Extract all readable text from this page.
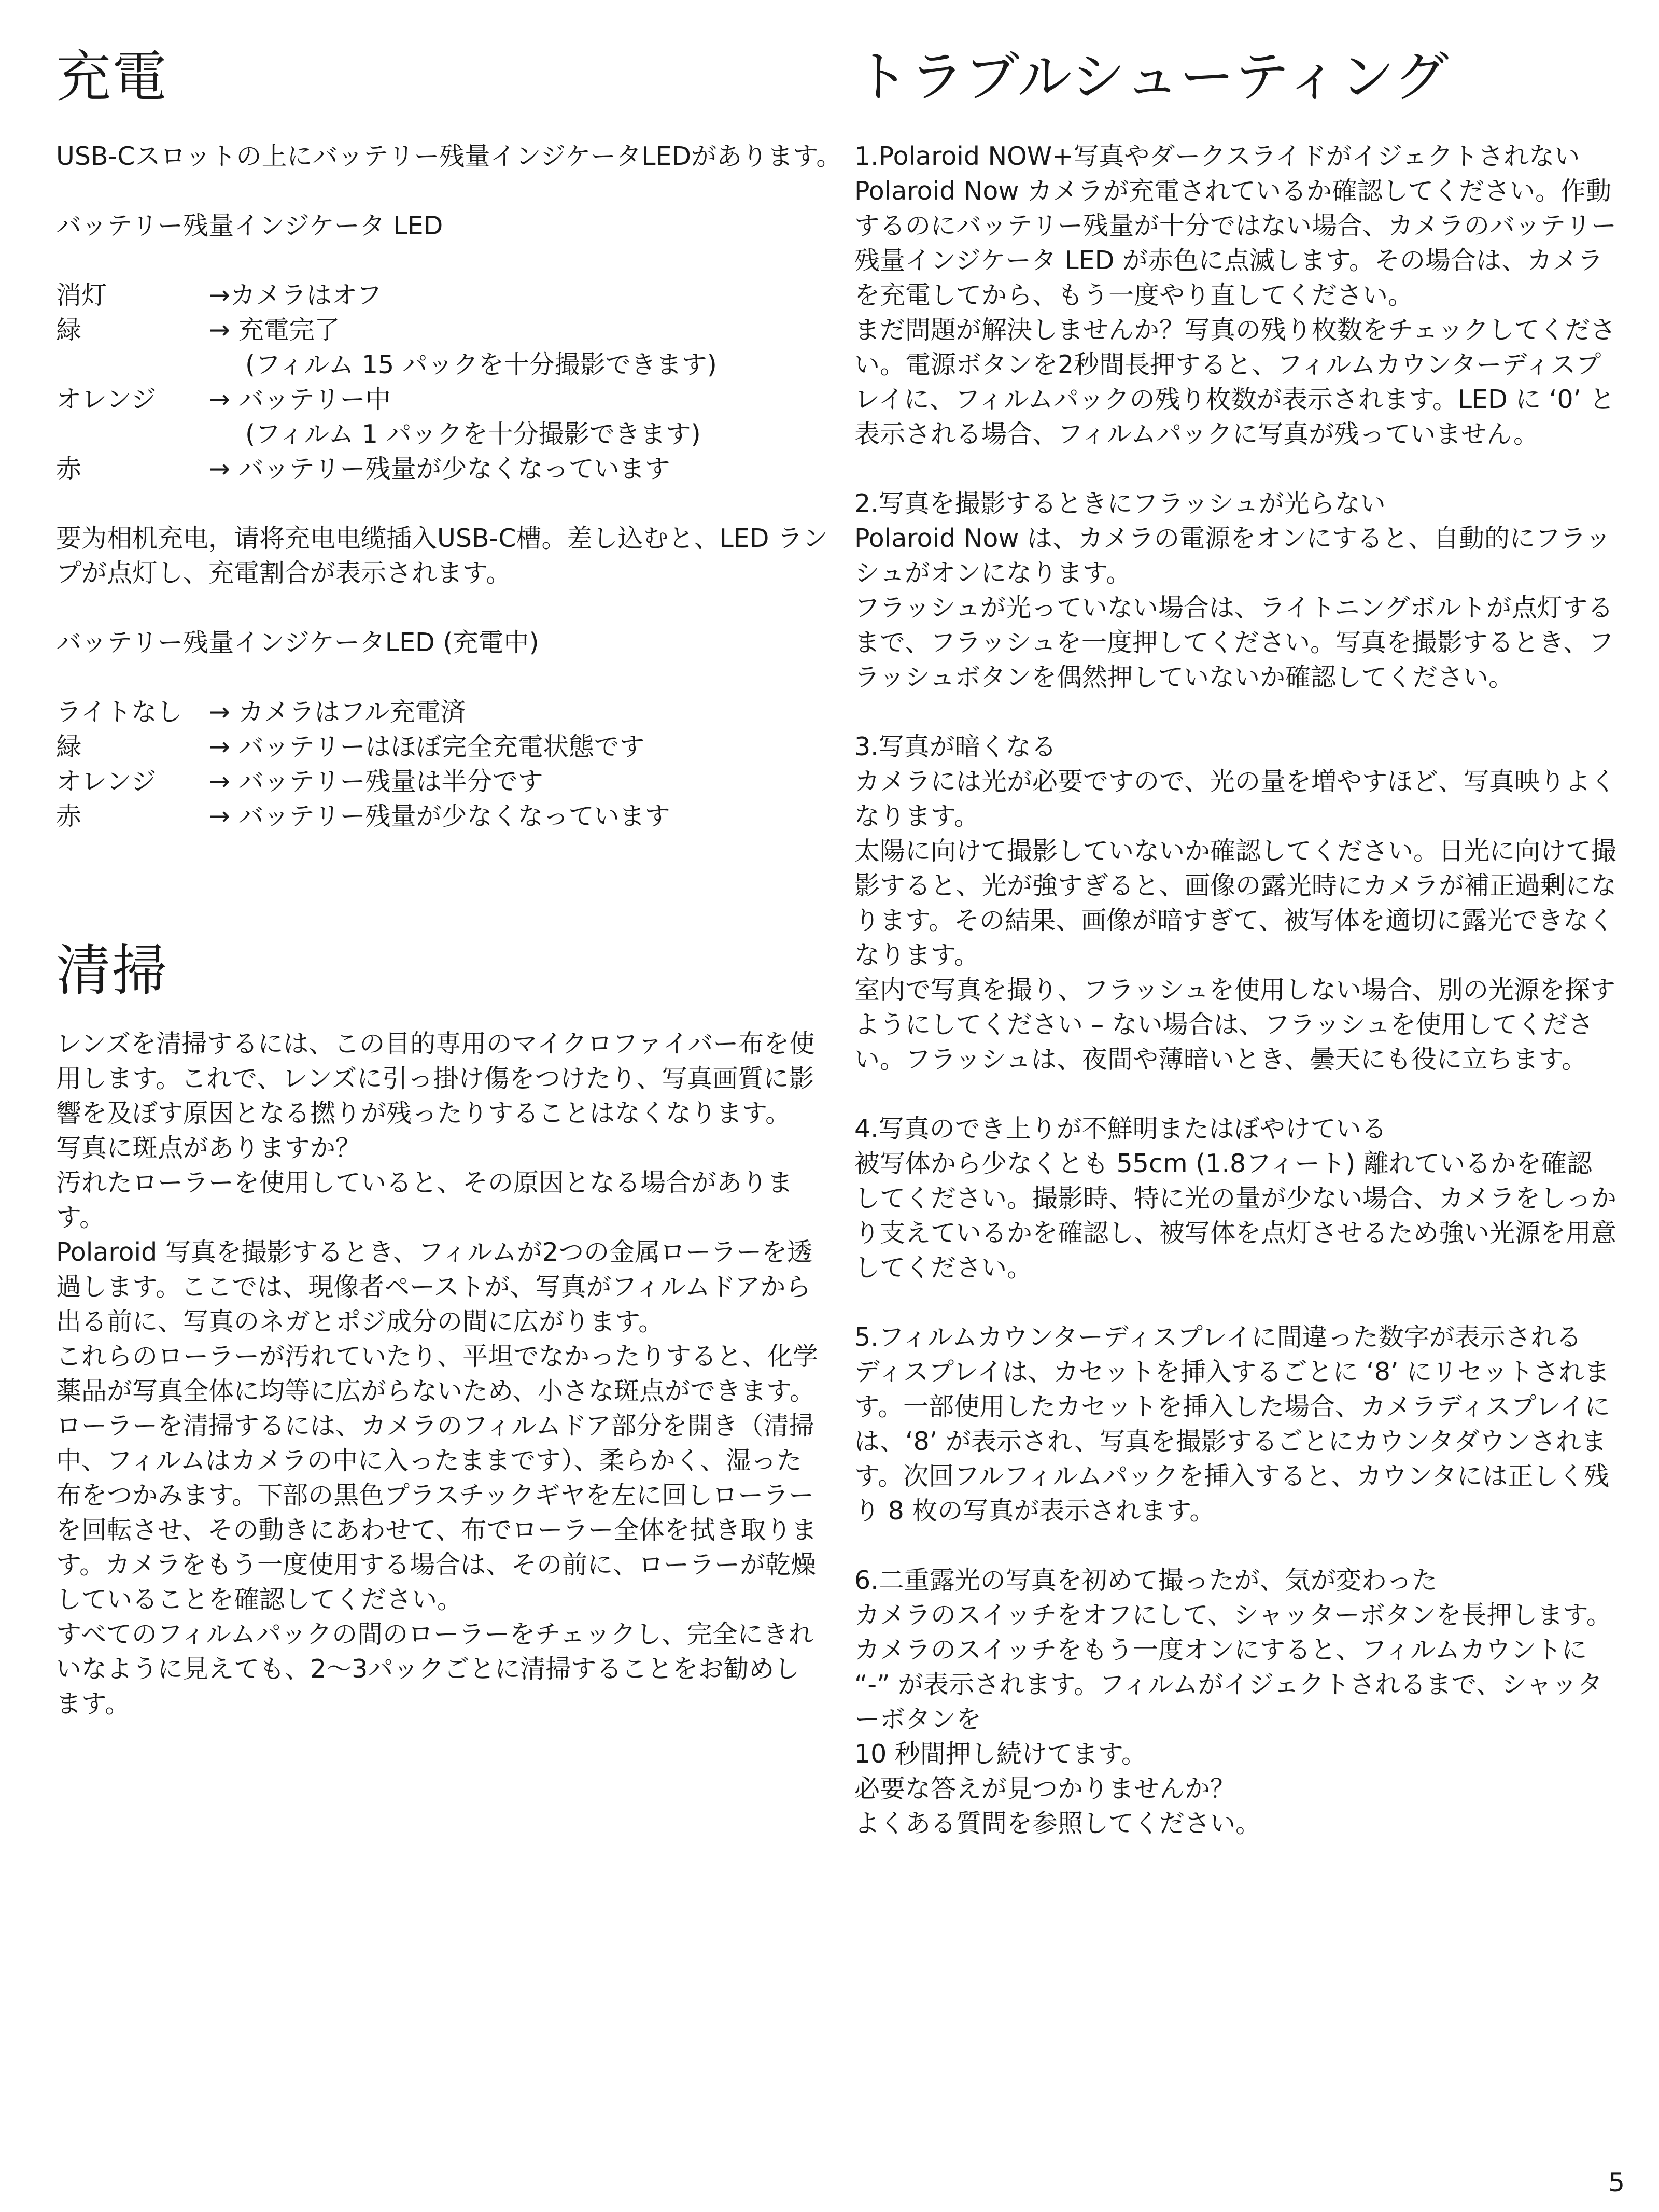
充電
USB-Cスロットの上にバッテリー残量インジケータLEDがあります。
バッテリー残量インジケータ LED
消灯	→カメラはオフ
緑	→ 充電完了
(フィルム 15 パックを十分撮影できます)
オレンジ → バッテリー中
(フィルム 1 パックを十分撮影できます)
赤	→ バッテリー残量が少なくなっています
要为相机充电，请将充电电缆插入USB-C槽。差し込むと、LED ランプが点灯し、充電割合が表示されます。
バッテリー残量インジケータLED (充電中)
ライトなし → カメラはフル充電済
緑	→ バッテリーはほぼ完全充電状態です
オレンジ → バッテリー残量は半分です
赤	→ バッテリー残量が少なくなっています
清掃
レンズを清掃するには、この目的専用のマイクロファイバー布を使用します。これで、レンズに引っ掛け傷をつけたり、写真画質に影響を及ぼす原因となる撚りが残ったりすることはなくなります。
写真に斑点がありますか？
汚れたローラーを使用していると、その原因となる場合があります。
Polaroid 写真を撮影するとき、フィルムが2つの金属ローラーを透過します。ここでは、現像者ペーストが、写真がフィルムドアから出る前に、写真のネガとポジ成分の間に広がります。
これらのローラーが汚れていたり、平坦でなかったりすると、化学薬品が写真全体に均等に広がらないため、小さな斑点ができます。ローラーを清掃するには、カメラのフィルムドア部分を開き（清掃中、フィルムはカメラの中に入ったままです）、柔らかく、湿った布をつかみます。下部の黒色プラスチックギヤを左に回しローラーを回転させ、その動きにあわせて、布でローラー全体を拭き取ります。カメラをもう一度使用する場合は、その前に、ローラーが乾燥していることを確認してください。
すべてのフィルムパックの間のローラーをチェックし、完全にきれいなように見えても、2〜3パックごとに清掃することをお勧めします。
トラブルシューティング
1.Polaroid NOW+写真やダークスライドがイジェクトされない
Polaroid Now カメラが充電されているか確認してください。作動するのにバッテリー残量が十分ではない場合、カメラのバッテリー残量インジケータ LED が赤色に点滅します。その場合は、カメラを充電してから、もう一度やり直してください。
まだ問題が解決しませんか？写真の残り枚数をチェックしてください。電源ボタンを2秒間長押すると、フィルムカウンターディスプレイに、フィルムパックの残り枚数が表示されます。LED に ‘0’ と表示される場合、フィルムパックに写真が残っていません。
2.写真を撮影するときにフラッシュが光らない
Polaroid Now は、カメラの電源をオンにすると、自動的にフラッシュがオンになります。
フラッシュが光っていない場合は、ライトニングボルトが点灯するまで、フラッシュを一度押してください。写真を撮影するとき、フラッシュボタンを偶然押していないか確認してください。
3.写真が暗くなる
カメラには光が必要ですので、光の量を増やすほど、写真映りよくなります。
太陽に向けて撮影していないか確認してください。日光に向けて撮影すると、光が強すぎると、画像の露光時にカメラが補正過剰になります。その結果、画像が暗すぎて、被写体を適切に露光できなくなります。
室内で写真を撮り、フラッシュを使用しない場合、別の光源を探すようにしてください – ない場合は、フラッシュを使用してください。フラッシュは、夜間や薄暗いとき、曇天にも役に立ちます。
4.写真のでき上りが不鮮明またはぼやけている
被写体から少なくとも 55cm (1.8フィート) 離れているかを確認してください。撮影時、特に光の量が少ない場合、カメラをしっかり支えているかを確認し、被写体を点灯させるため強い光源を用意してください。
5.フィルムカウンターディスプレイに間違った数字が表示される
ディスプレイは、カセットを挿入するごとに ‘8’ にリセットされます。一部使用したカセットを挿入した場合、カメラディスプレイには、‘8’ が表示され、写真を撮影するごとにカウンタダウンされます。次回フルフィルムパックを挿入すると、カウンタには正しく残り 8 枚の写真が表示されます。
6.二重露光の写真を初めて撮ったが、気が変わった
カメラのスイッチをオフにして、シャッターボタンを長押します。カメラのスイッチをもう一度オンにすると、フィルムカウントに “-” が表示されます。フィルムがイジェクトされるまで、シャッターボタンを
10 秒間押し続けてます。
必要な答えが見つかりませんか？
よくある質問を参照してください。
5
